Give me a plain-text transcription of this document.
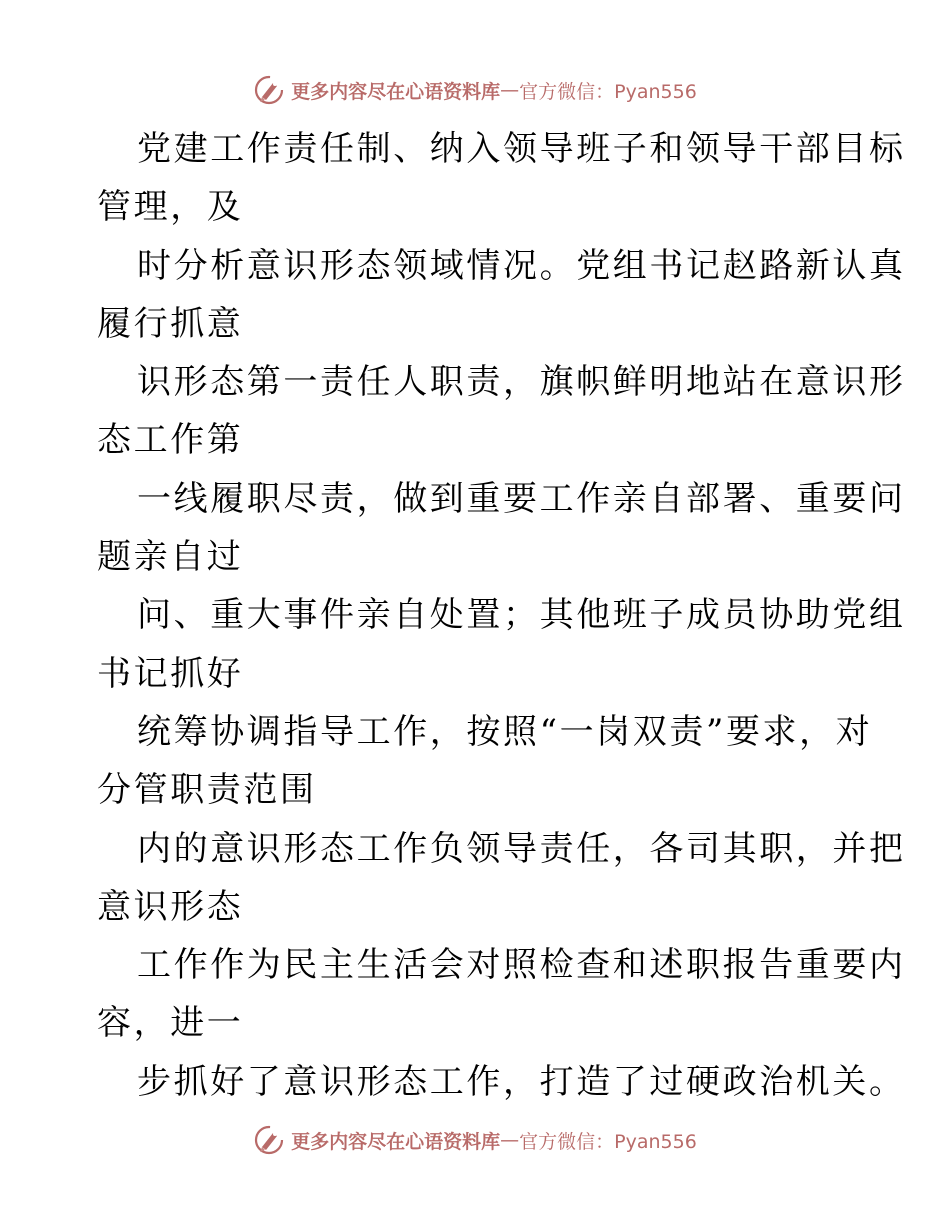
更多内容尽在心语资料库 — 官方微信：Pyan556
党建工作责任制、纳入领导班子和领导干部目标
管理，及
时分析意识形态领域情况。党组书记赵路新认真
履行抓意
识形态第一责任人职责，旗帜鲜明地站在意识形
态工作第
一线履职尽责，做到重要工作亲自部署、重要问
题亲自过
问、重大事件亲自处置；其他班子成员协助党组
书记抓好
统筹协调指导工作，按照“一岗双责”要求，对
分管职责范围
内的意识形态工作负领导责任，各司其职，并把
意识形态
工作作为民主生活会对照检查和述职报告重要内
容，进一
步抓好了意识形态工作，打造了过硬政治机关。
更多内容尽在心语资料库 — 官方微信：Pyan556
